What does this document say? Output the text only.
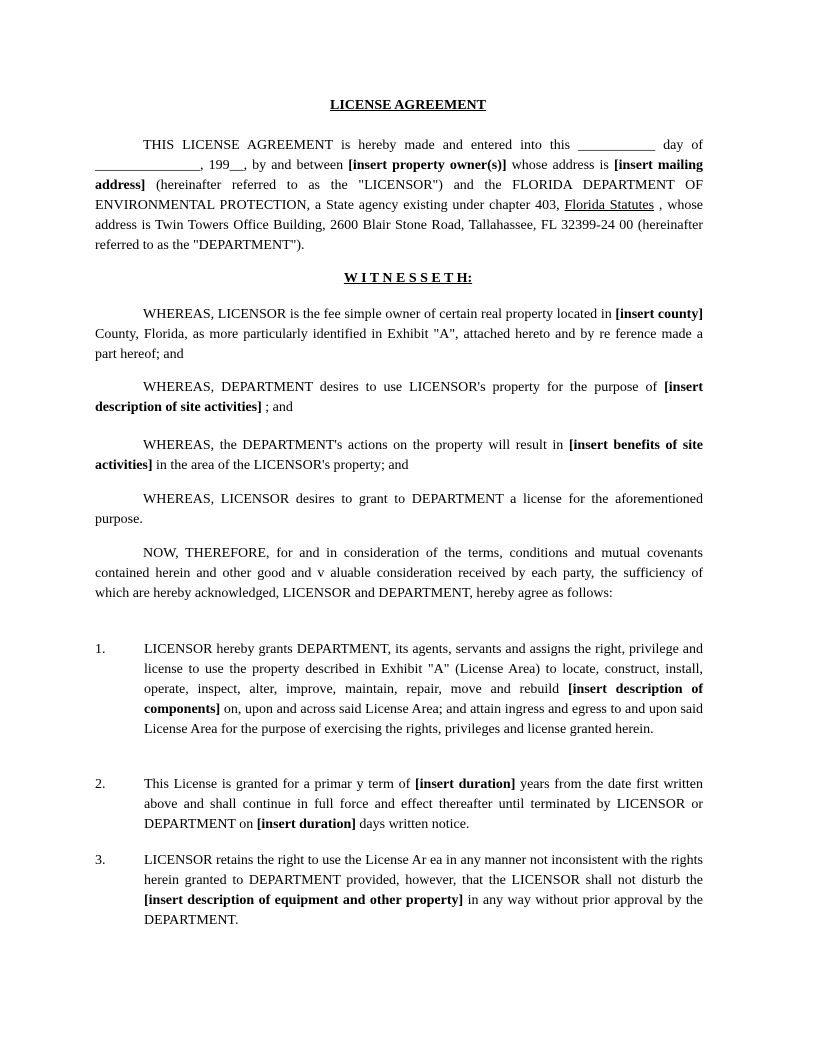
LICENSE AGREEMENT

THIS LICENSE AGREEMENT is hereby made and entered into this ___________ day of _______________, 199__, by and between [insert property owner(s)] whose address is [insert mailing address] (hereinafter referred to as the "LICENSOR") and the FLORIDA DEPARTMENT OF ENVIRONMENTAL PROTECTION, a State agency existing under chapter 403, Florida Statutes , whose address is Twin Towers Office Building, 2600 Blair Stone Road, Tallahassee, FL 32399-24 00 (hereinafter referred to as the "DEPARTMENT").

W I T N E S S E T H:

WHEREAS, LICENSOR is the fee simple owner of certain real property located in [insert county] County, Florida, as more particularly identified in Exhibit "A", attached hereto and by re ference made a part hereof; and

WHEREAS, DEPARTMENT desires to use LICENSOR's property for the purpose of [insert description of site activities] ; and

WHEREAS, the DEPARTMENT's actions on the property will result in [insert benefits of site activities] in the area of the LICENSOR's property; and

WHEREAS, LICENSOR desires to grant to DEPARTMENT a license for the aforementioned purpose.

NOW, THEREFORE, for and in consideration of the terms, conditions and mutual covenants contained herein and other good and v aluable consideration received by each party, the sufficiency of which are hereby acknowledged, LICENSOR and DEPARTMENT, hereby agree as follows:

1.	LICENSOR hereby grants DEPARTMENT, its agents, servants and assigns the right, privilege and license to use the property described in Exhibit "A" (License Area) to locate, construct, install, operate, inspect, alter, improve, maintain, repair, move and rebuild [insert description of components] on, upon and across said License Area; and attain ingress and egress to and upon said License Area for the purpose of exercising the rights, privileges and license granted herein.
2.	This License is granted for a primar y term of [insert duration] years from the date first written above and shall continue in full force and effect thereafter until terminated by LICENSOR or DEPARTMENT on [insert duration] days written notice.
3.	LICENSOR retains the right to use the License Ar ea in any manner not inconsistent with the rights herein granted to DEPARTMENT provided, however, that the LICENSOR shall not disturb the [insert description of equipment and other property] in any way without prior approval by the DEPARTMENT.
